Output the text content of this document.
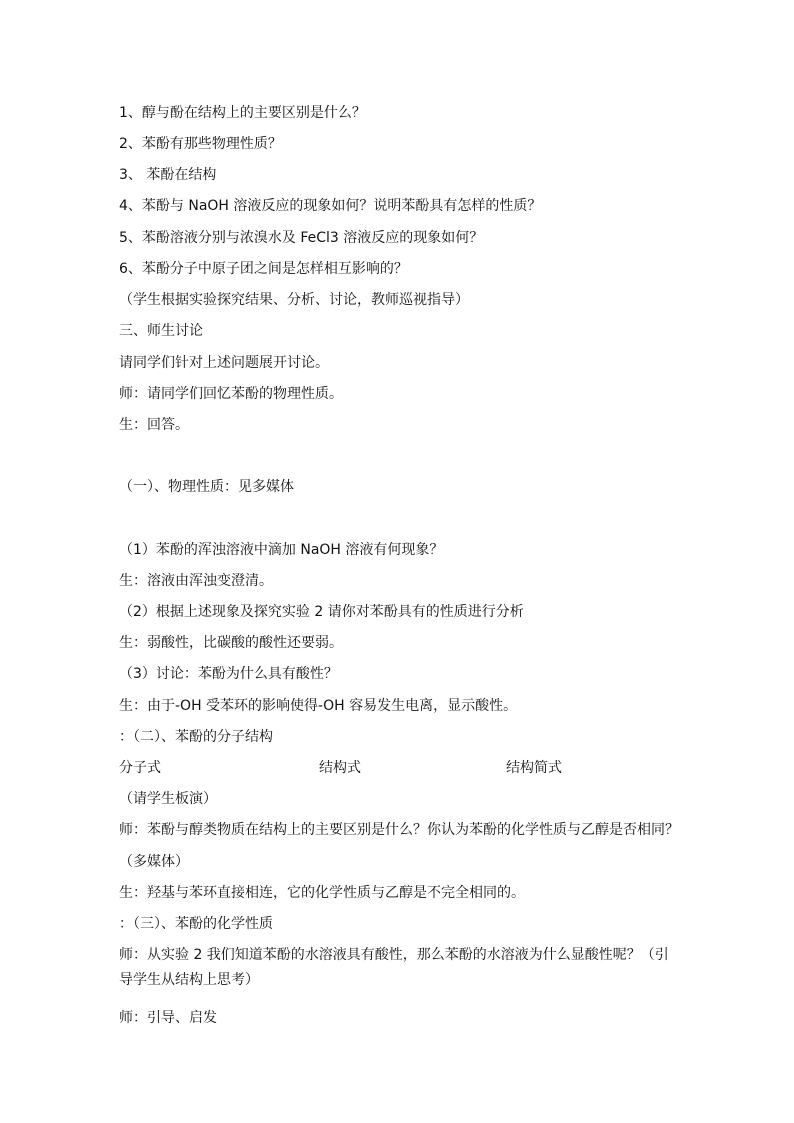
1、醇与酚在结构上的主要区别是什么？
2、苯酚有那些物理性质？
3、 苯酚在结构
4、苯酚与 NaOH 溶液反应的现象如何？说明苯酚具有怎样的性质？
5、苯酚溶液分别与浓溴水及 FeCl3 溶液反应的现象如何？
6、苯酚分子中原子团之间是怎样相互影响的？
（学生根据实验探究结果、分析、讨论，教师巡视指导）
三、师生讨论
请同学们针对上述问题展开讨论。
师：请同学们回忆苯酚的物理性质。
生：回答。
（一）、物理性质：见多媒体
（1）苯酚的浑浊溶液中滴加 NaOH 溶液有何现象？
生：溶液由浑浊变澄清。
（2）根据上述现象及探究实验 2 请你对苯酚具有的性质进行分析
生：弱酸性，比碳酸的酸性还要弱。
（3）讨论：苯酚为什么具有酸性？
生：由于-OH 受苯环的影响使得-OH 容易发生电离，显示酸性。
：（二）、苯酚的分子结构
分子式	结构式	结构简式
（请学生板演）
师：苯酚与醇类物质在结构上的主要区别是什么？你认为苯酚的化学性质与乙醇是否相同？
（多媒体）
生：羟基与苯环直接相连，它的化学性质与乙醇是不完全相同的。
：（三）、苯酚的化学性质
师：从实验 2 我们知道苯酚的水溶液具有酸性，那么苯酚的水溶液为什么显酸性呢？（引导学生从结构上思考）
师：引导、启发
